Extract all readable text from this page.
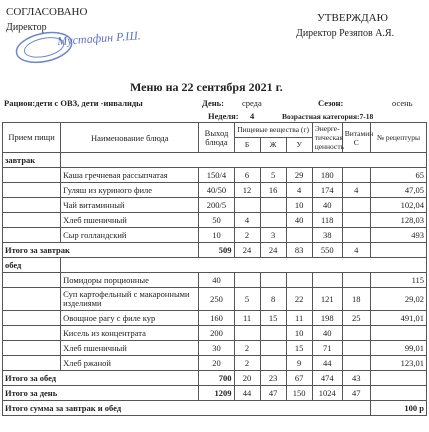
СОГЛАСОВАНО
Директор
Мустафин Р.Ш.
УТВЕРЖДАЮ
Директор Резяпов А.Я.
Меню на 22 сентября 2021 г.
Рацион:дети с ОВЗ, дети -инвалиды	День: среда	Сезон:	осень
Неделя: 4	Возрастная категория:7-18
Прием пищи	Наименование блюда	Выход блюда	Пищевые вещества (г)			Энерге-тическая ценность	Витамин С	№ рецептуры
			Б	Ж	У			
завтрак								
	Каша гречневая рассыпчатая	150/4	6	5	29	180		65
	Гуляш из куриного филе	40/50	12	16	4	174	4	47,05
	Чай витаминный	200/5			10	40		102,04
	Хлеб пшеничный	50	4		40	118		128,03
	Сыр голландский	10	2	3		38		493
Итого за завтрак		509	24	24	83	550	4	
обед								
	Помидоры порционные	40						115
	Суп картофельный с макаронными изделиями	250	5	8	22	121	18	29,02
	Овощное рагу с филе кур	160	11	15	11	198	25	491,01
	Кисель из концентрата	200			10	40		
	Хлеб пшеничный	30	2		15	71		99,01
	Хлеб ржаной	20	2		9	44		123,01
Итого за обед		700	20	23	67	474	43	
Итого за день		1209	44	47	150	1024	47	
Итого сумма за завтрак и обед								100 р
